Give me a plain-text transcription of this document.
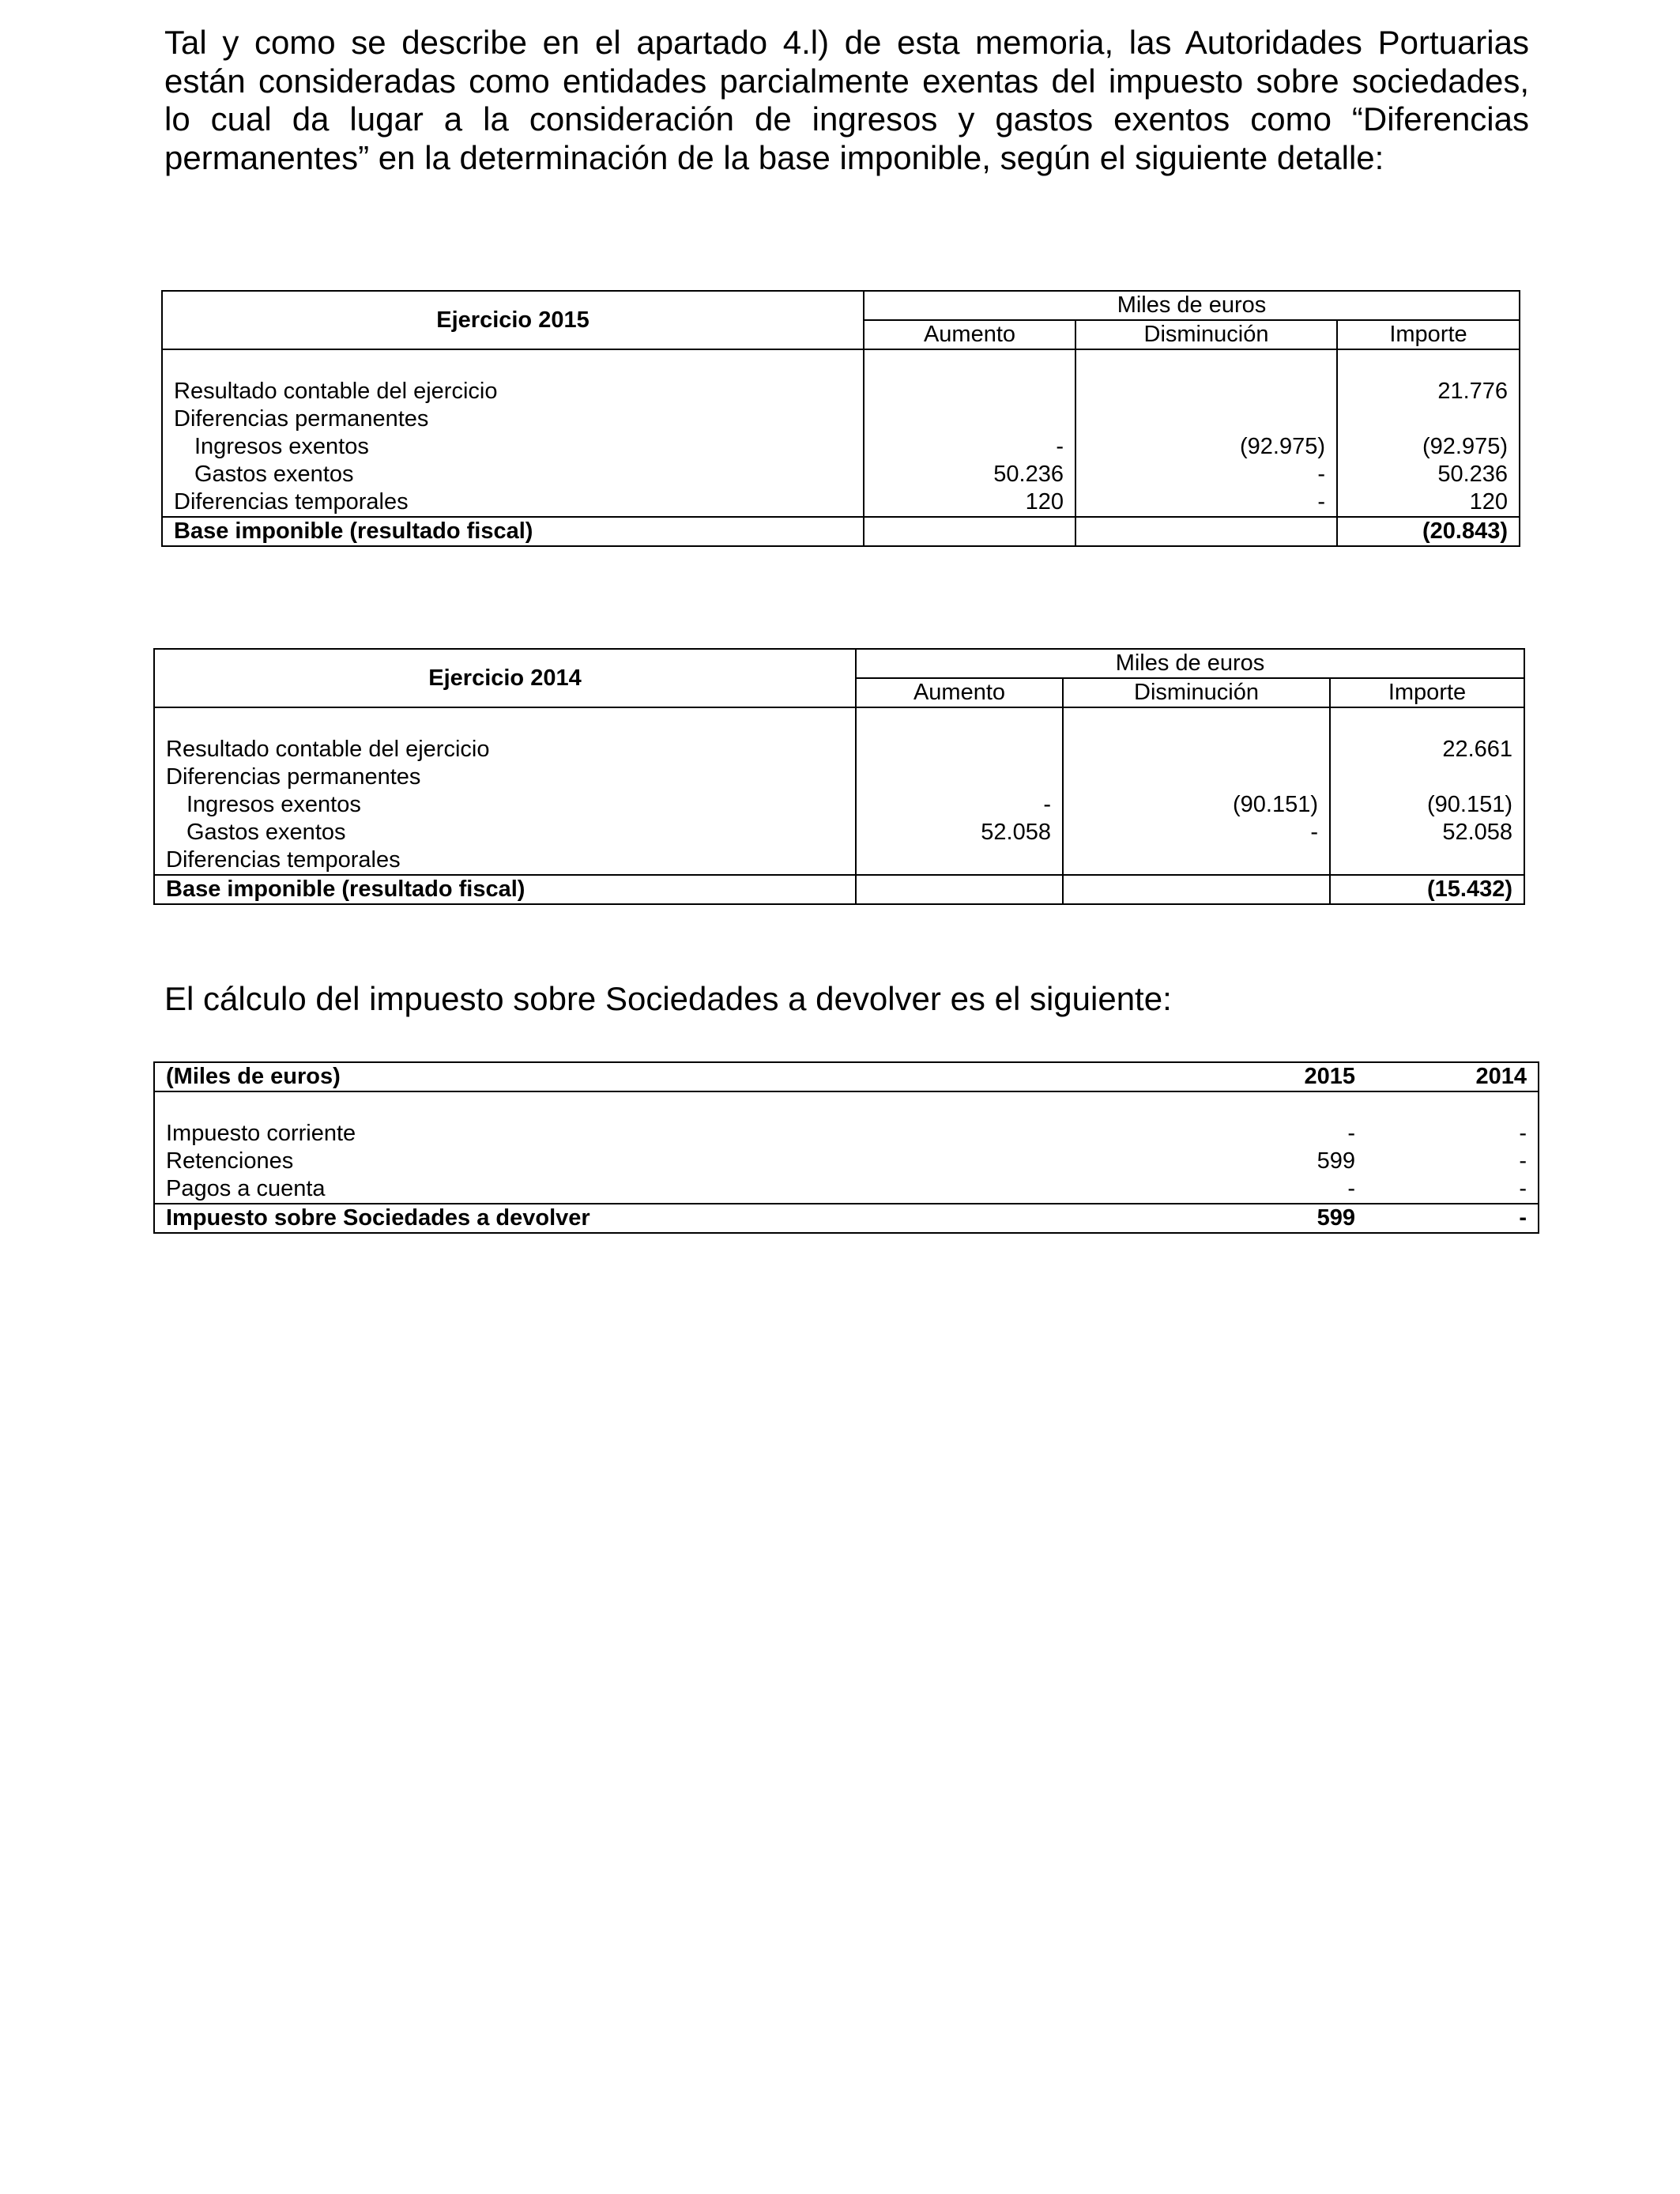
Tal y como se describe en el apartado 4.l) de esta memoria, las Autoridades Portuarias están consideradas como entidades parcialmente exentas del impuesto sobre sociedades, lo cual da lugar a la consideración de ingresos y gastos exentos como “Diferencias permanentes” en la determinación de la base imponible, según el siguiente detalle:

Ejercicio 2015	Miles de euros		
	Aumento	Disminución	Importe

Resultado contable del ejercicio			21.776
Diferencias permanentes			
Ingresos exentos	-	(92.975)	(92.975)
Gastos exentos	50.236	-	50.236
Diferencias temporales	120	-	120
Base imponible (resultado fiscal)			(20.843)
Ejercicio 2014	Miles de euros		
	Aumento	Disminución	Importe

Resultado contable del ejercicio			22.661
Diferencias permanentes			
Ingresos exentos	-	(90.151)	(90.151)
Gastos exentos	52.058	-	52.058
Diferencias temporales			
Base imponible (resultado fiscal)			(15.432)

El cálculo del impuesto sobre Sociedades a devolver es el siguiente:

(Miles de euros)	2015	2014

Impuesto corriente	-	-
Retenciones	599	-
Pagos a cuenta	-	-
Impuesto sobre Sociedades a devolver	599	-
